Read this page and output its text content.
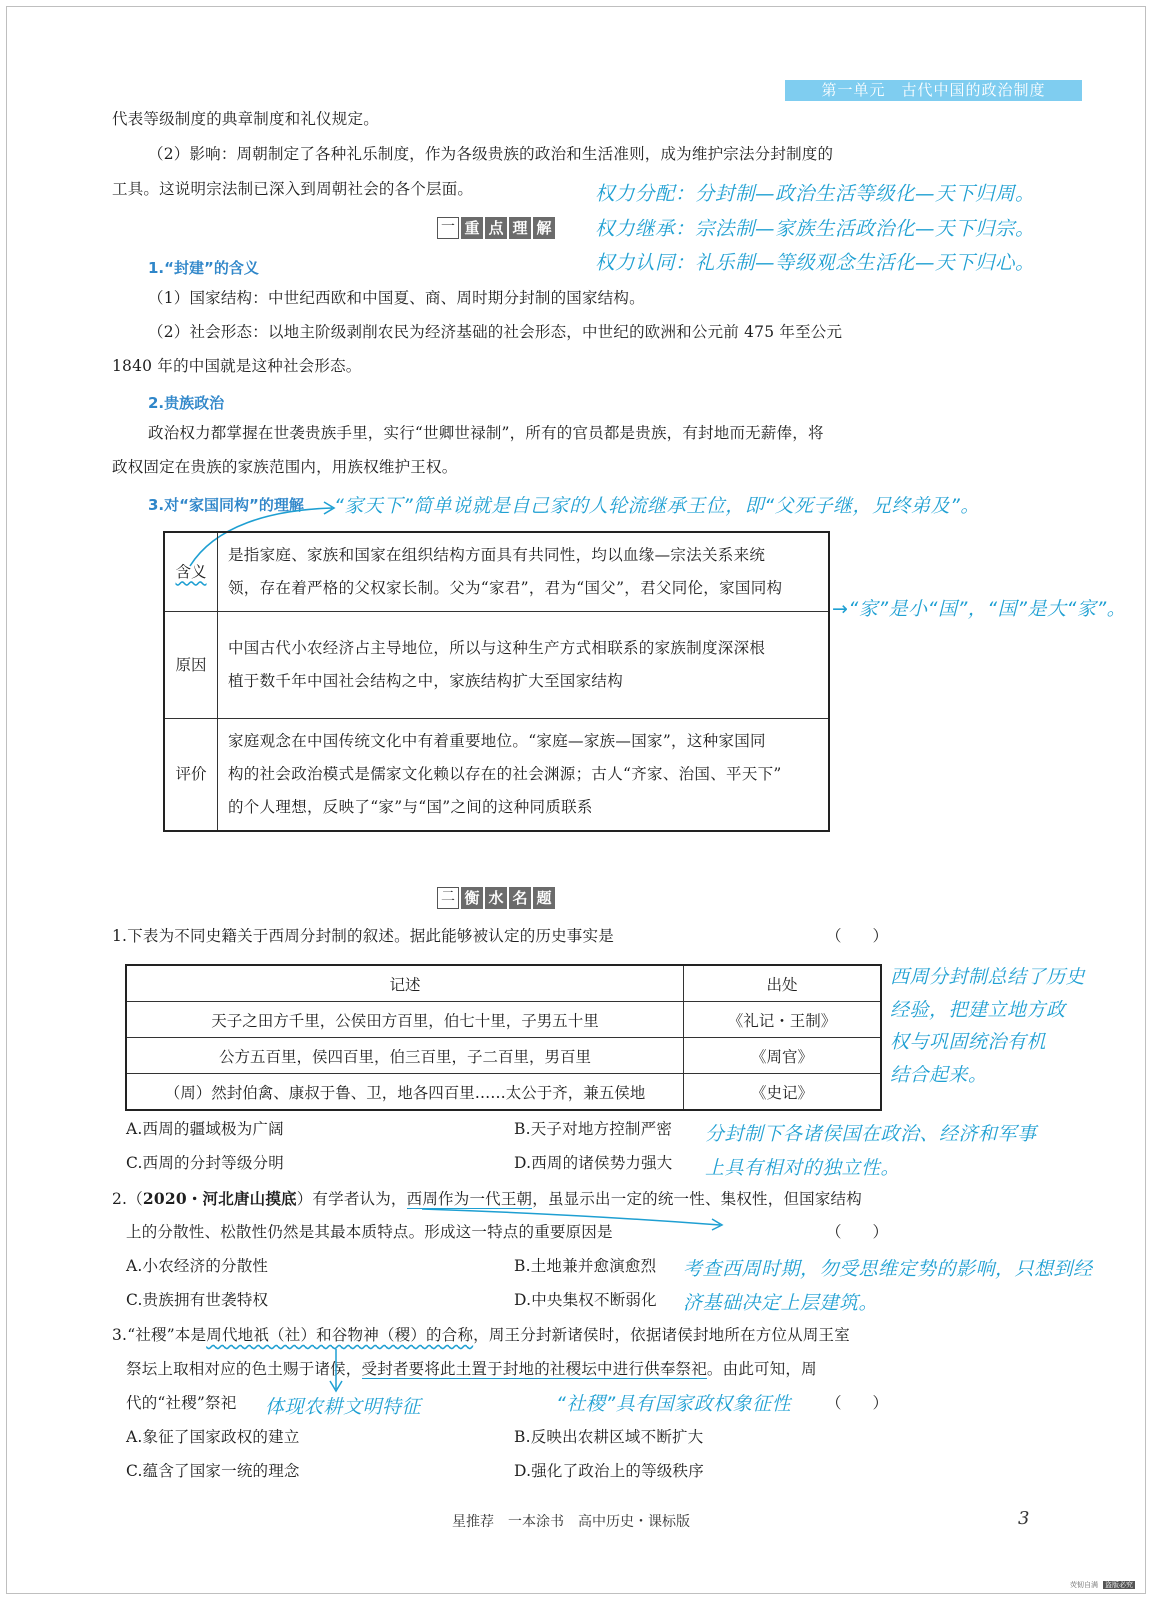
第一单元　古代中国的政治制度
代表等级制度的典章制度和礼仪规定。
（2）影响：周朝制定了各种礼乐制度，作为各级贵族的政治和生活准则，成为维护宗法分封制度的
工具。这说明宗法制已深入到周朝社会的各个层面。	权力分配：分封制—政治生活等级化—天下归周。
权力继承：宗法制—家族生活政治化—天下归宗。
权力认同：礼乐制—等级观念生活化—天下归心。
一 重 点 理 解
1.“封建”的含义
（1）国家结构：中世纪西欧和中国夏、商、周时期分封制的国家结构。
（2）社会形态：以地主阶级剥削农民为经济基础的社会形态，中世纪的欧洲和公元前 475 年至公元
1840 年的中国就是这种社会形态。
2.贵族政治
政治权力都掌握在世袭贵族手里，实行“世卿世禄制”，所有的官员都是贵族，有封地而无薪俸，将
政权固定在贵族的家族范围内，用族权维护王权。
3.对“家国同构”的理解 “家天下”简单说就是自己家的人轮流继承王位，即“父死子继，兄终弟及”。
含义	是指家庭、家族和国家在组织结构方面具有共同性，均以血缘—宗法关系来统
领，存在着严格的父权家长制。父为“家君”，君为“国父”，君父同伦，家国同构

原因	中国古代小农经济占主导地位，所以与这种生产方式相联系的家族制度深深根
植于数千年中国社会结构之中，家族结构扩大至国家结构

评价	家庭观念在中国传统文化中有着重要地位。“家庭—家族—国家”，这种家国同
构的社会政治模式是儒家文化赖以存在的社会渊源；古人“齐家、治国、平天下”
的个人理想，反映了“家”与“国”之间的这种同质联系
→“家”是小“国”，“国”是大“家”。
二 衡 水 名 题
1.下表为不同史籍关于西周分封制的叙述。据此能够被认定的历史事实是	（　　）
记述	出处
天子之田方千里，公侯田方百里，伯七十里，子男五十里	《礼记・王制》
公方五百里，侯四百里，伯三百里，子二百里，男百里	《周官》
（周）然封伯禽、康叔于鲁、卫，地各四百里……太公于齐，兼五侯地	《史记》
西周分封制总结了历史
经验，把建立地方政
权与巩固统治有机
结合起来。
A.西周的疆域极为广阔	B.天子对地方控制严密
C.西周的分封等级分明	D.西周的诸侯势力强大
分封制下各诸侯国在政治、经济和军事
上具有相对的独立性。
2.（2020・河北唐山摸底）有学者认为，西周作为一代王朝，虽显示出一定的统一性、集权性，但国家结构
上的分散性、松散性仍然是其最本质特点。形成这一特点的重要原因是	（　　）
A.小农经济的分散性	B.土地兼并愈演愈烈
C.贵族拥有世袭特权	D.中央集权不断弱化
考查西周时期，勿受思维定势的影响，只想到经
济基础决定上层建筑。
3.“社稷”本是周代地祇（社）和谷物神（稷）的合称，周王分封新诸侯时，依据诸侯封地所在方位从周王室
祭坛上取相对应的色土赐于诸侯，受封者要将此土置于封地的社稷坛中进行供奉祭祀。由此可知，周
代的“社稷”祭祀	（　　）
体现农耕文明特征	“社稷”具有国家政权象征性
A.象征了国家政权的建立	B.反映出农耕区域不断扩大
C.蕴含了国家一统的理念	D.强化了政治上的等级秩序
星推荐　一本涂书　高中历史・课标版	3
荧韧自满 盗版必究
